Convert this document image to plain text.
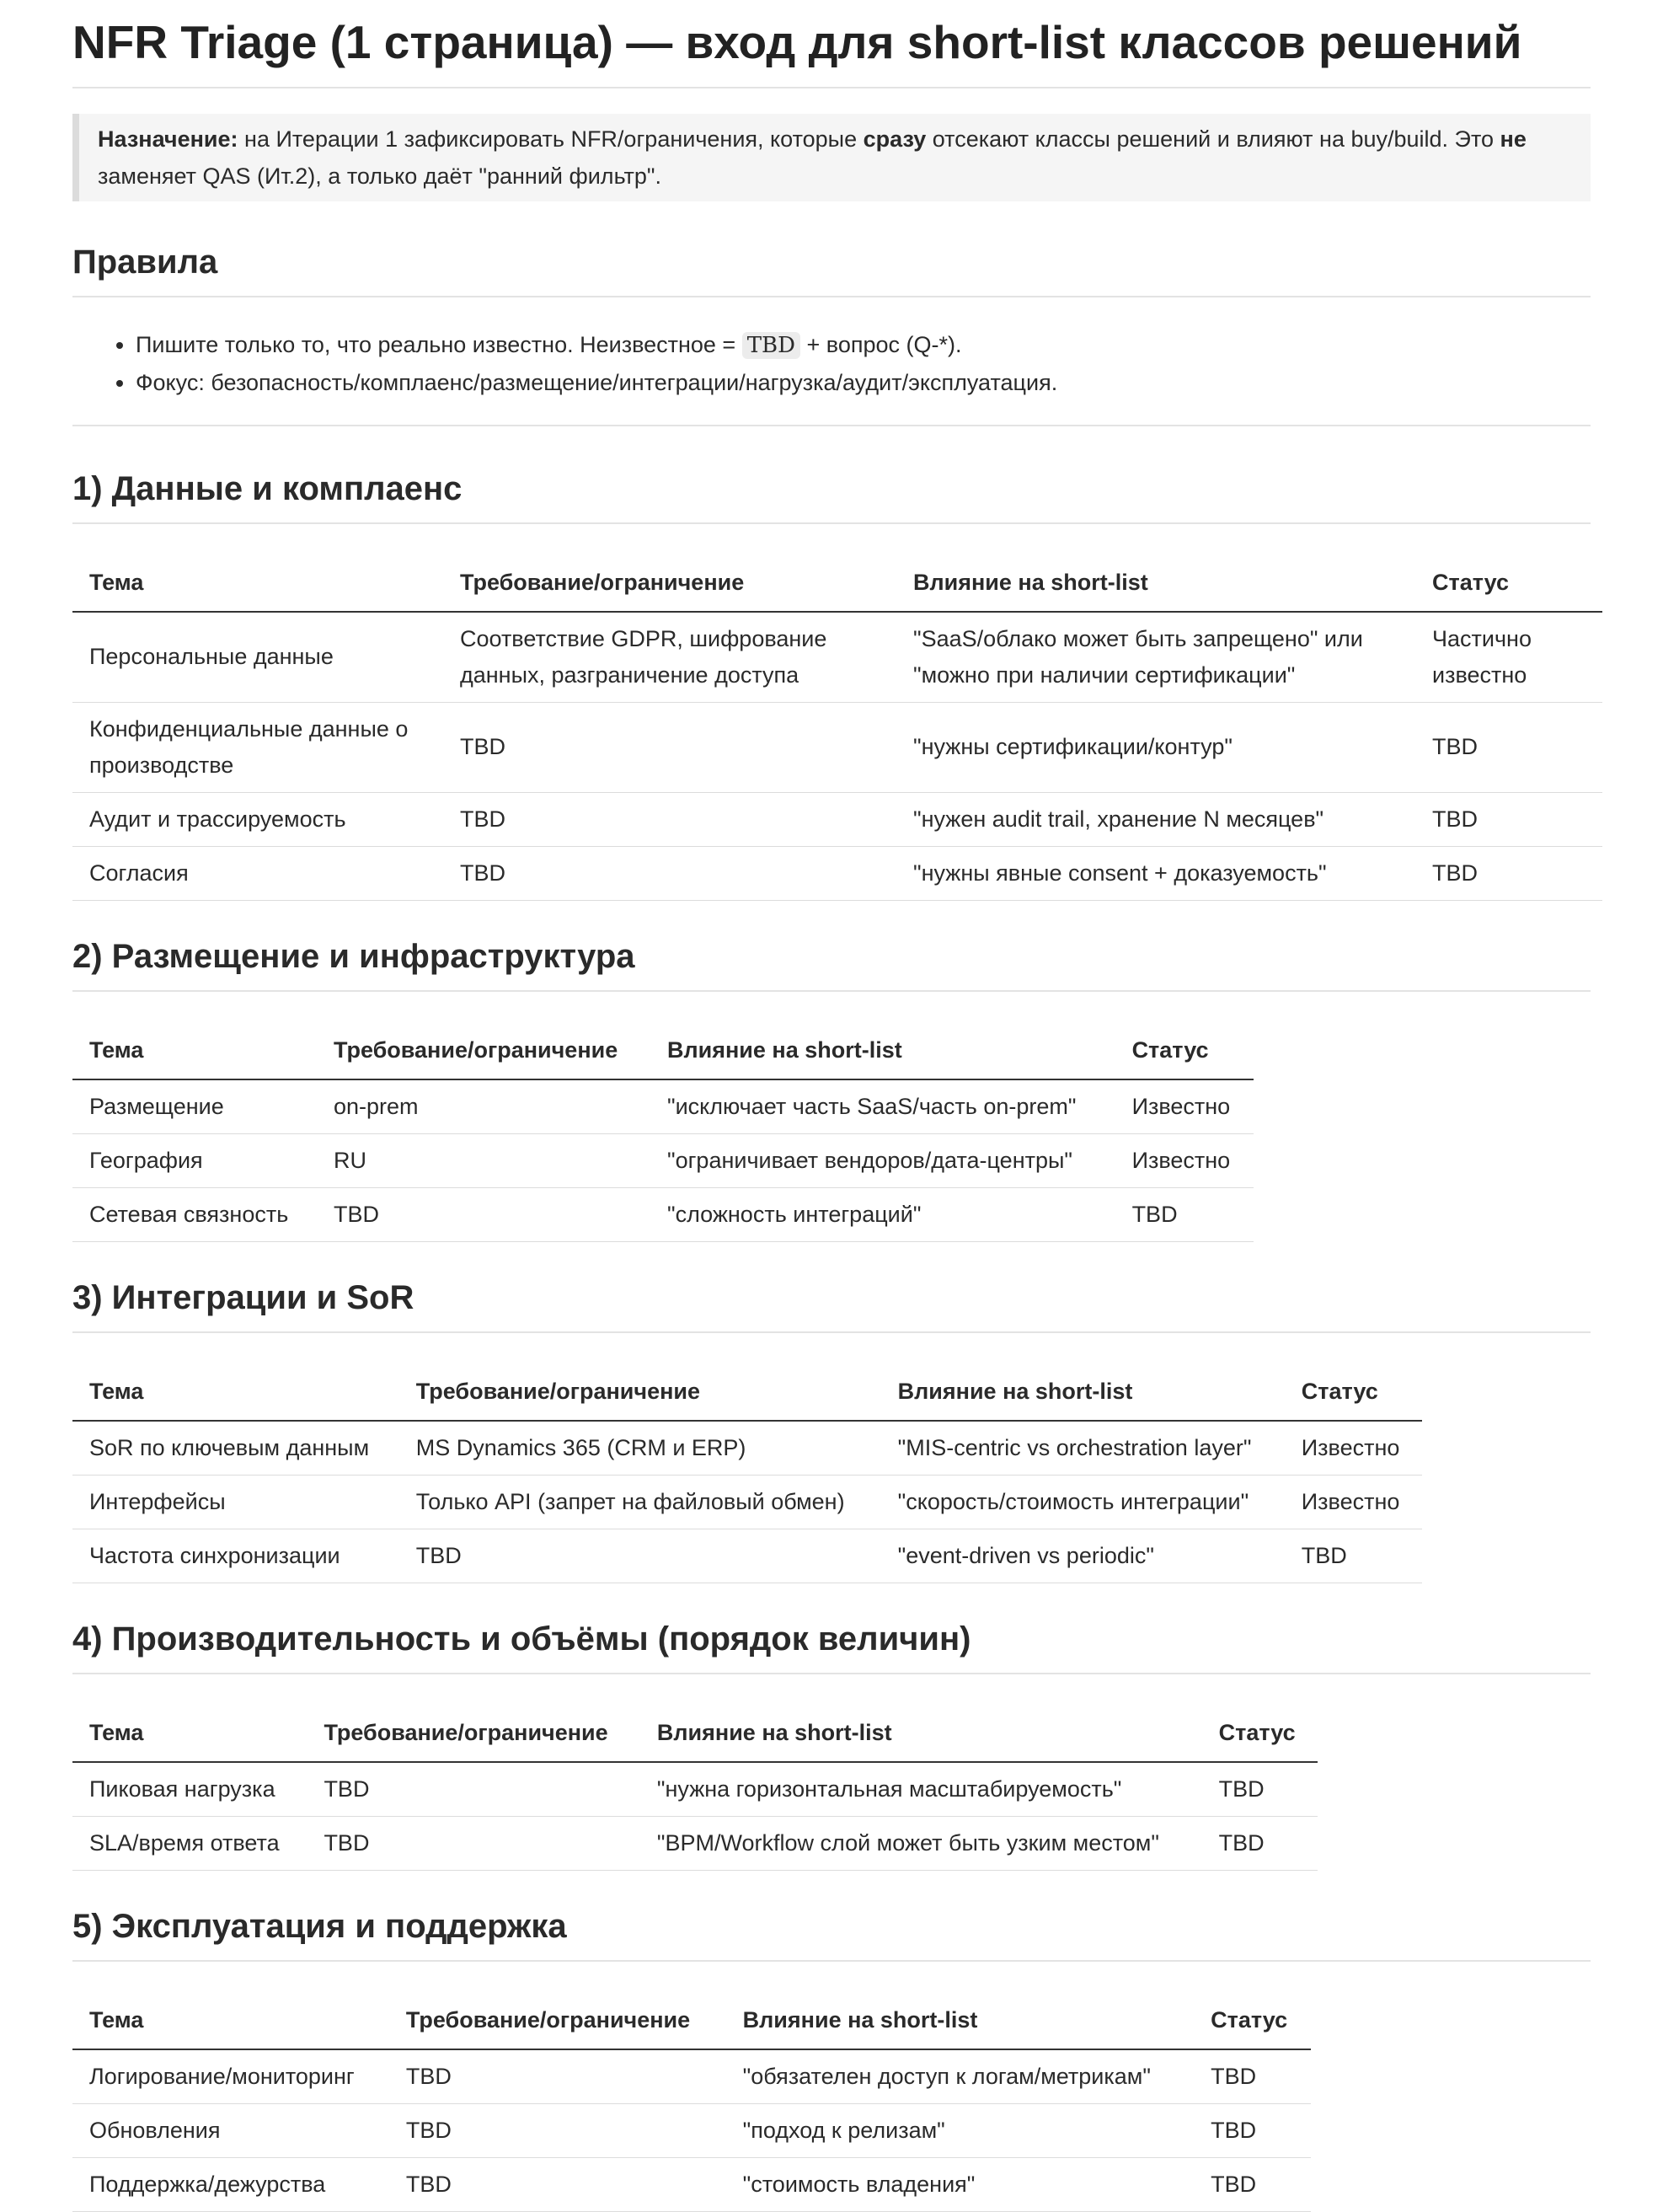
NFR Triage (1 страница) — вход для short-list классов решений
Назначение: на Итерации 1 зафиксировать NFR/ограничения, которые сразу отсекают классы решений и влияют на buy/build. Это не заменяет QAS (Ит.2), а только даёт "ранний фильтр".
Правила
• Пишите только то, что реально известно. Неизвестное = TBD + вопрос (Q-*).
• Фокус: безопасность/комплаенс/размещение/интеграции/нагрузка/аудит/эксплуатация.
1) Данные и комплаенс
Тема	Требование/ограничение	Влияние на short-list	Статус
Персональные данные	Соответствие GDPR, шифрование данных, разграничение доступа	"SaaS/облако может быть запрещено" или "можно при наличии сертификации"	Частично известно
Конфиденциальные данные о производстве	TBD	"нужны сертификации/контур"	TBD
Аудит и трассируемость	TBD	"нужен audit trail, хранение N месяцев"	TBD
Согласия	TBD	"нужны явные consent + доказуемость"	TBD
2) Размещение и инфраструктура
Тема	Требование/ограничение	Влияние на short-list	Статус
Размещение	on-prem	"исключает часть SaaS/часть on-prem"	Известно
География	RU	"ограничивает вендоров/дата-центры"	Известно
Сетевая связность	TBD	"сложность интеграций"	TBD
3) Интеграции и SoR
Тема	Требование/ограничение	Влияние на short-list	Статус
SoR по ключевым данным	MS Dynamics 365 (CRM и ERP)	"MIS-centric vs orchestration layer"	Известно
Интерфейсы	Только API (запрет на файловый обмен)	"скорость/стоимость интеграции"	Известно
Частота синхронизации	TBD	"event-driven vs periodic"	TBD
4) Производительность и объёмы (порядок величин)
Тема	Требование/ограничение	Влияние на short-list	Статус
Пиковая нагрузка	TBD	"нужна горизонтальная масштабируемость"	TBD
SLA/время ответа	TBD	"BPM/Workflow слой может быть узким местом"	TBD
5) Эксплуатация и поддержка
Тема	Требование/ограничение	Влияние на short-list	Статус
Логирование/мониторинг	TBD	"обязателен доступ к логам/метрикам"	TBD
Обновления	TBD	"подход к релизам"	TBD
Поддержка/дежурства	TBD	"стоимость владения"	TBD
